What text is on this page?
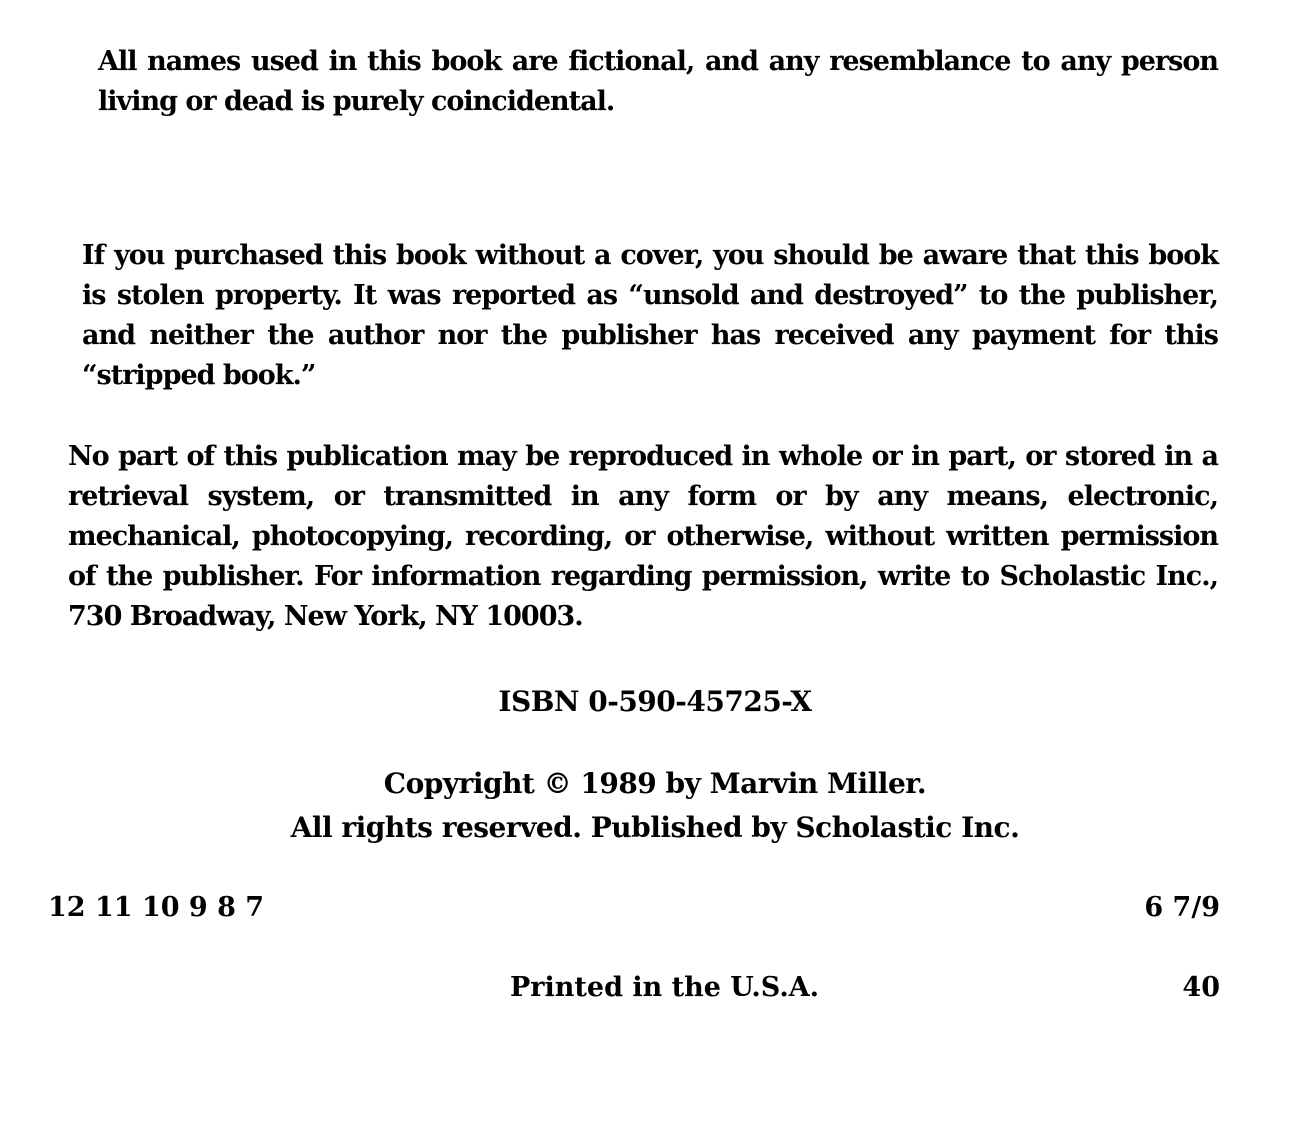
All names used in this book are fictional, and any resemblance to any person living or dead is purely coincidental.

If you purchased this book without a cover, you should be aware that this book is stolen property. It was reported as “unsold and destroyed” to the publisher, and neither the author nor the publisher has received any payment for this “stripped book.”

No part of this publication may be reproduced in whole or in part, or stored in a retrieval system, or transmitted in any form or by any means, electronic, mechanical, photocopying, recording, or otherwise, without written permission of the publisher. For information regarding permission, write to Scholastic Inc., 730 Broadway, New York, NY 10003.

ISBN 0-590-45725-X

Copyright © 1989 by Marvin Miller.
All rights reserved. Published by Scholastic Inc.
12 11 10 9 8 7	6 7/9
Printed in the U.S.A.	40
